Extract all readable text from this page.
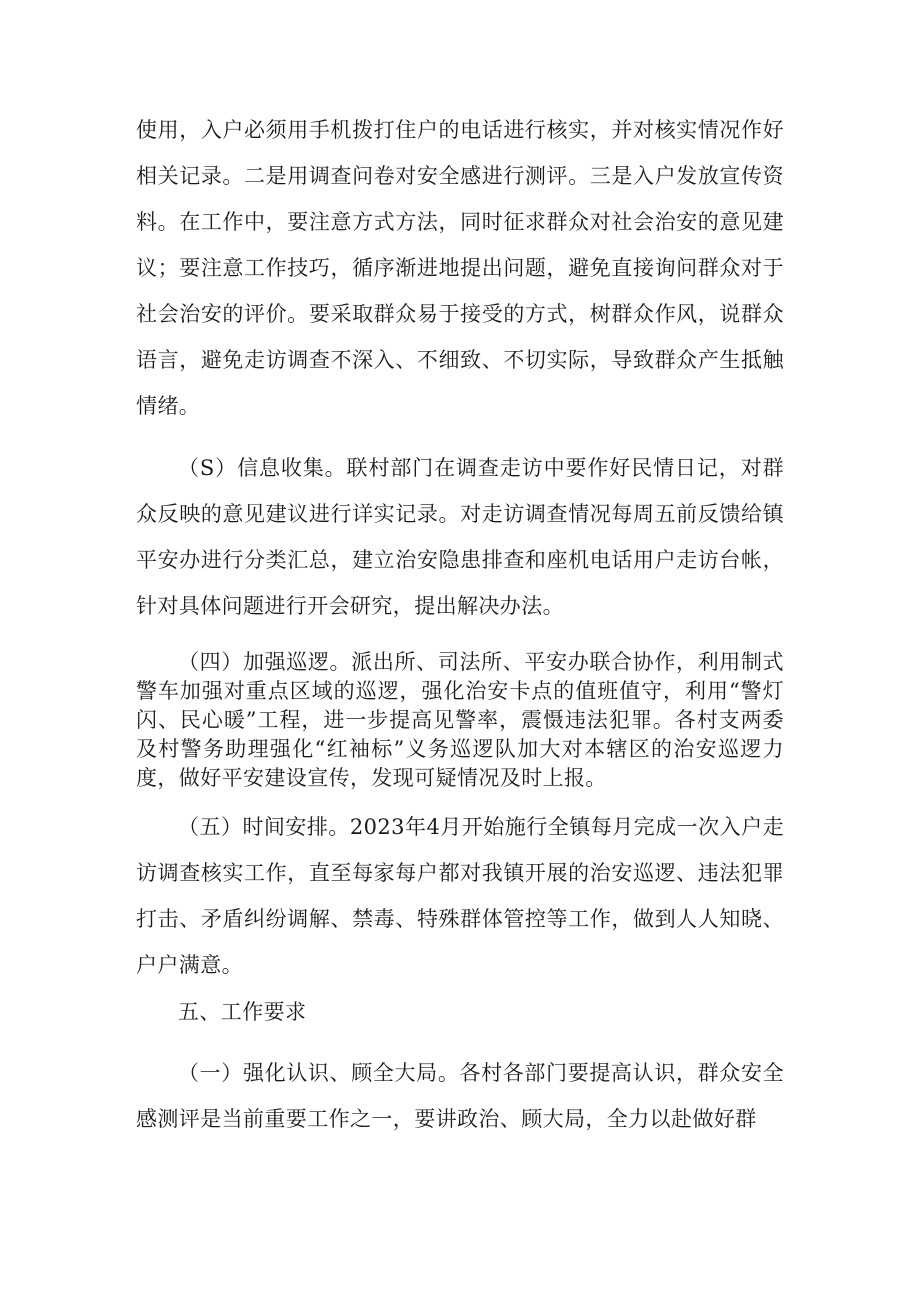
使用，入户必须用手机拨打住户的电话进行核实，并对核实情况作好相关记录。二是用调查问卷对安全感进行测评。三是入户发放宣传资料。在工作中，要注意方式方法，同时征求群众对社会治安的意见建议；要注意工作技巧，循序渐进地提出问题，避免直接询问群众对于社会治安的评价。要采取群众易于接受的方式，树群众作风，说群众语言，避免走访调查不深入、不细致、不切实际，导致群众产生抵触情绪。

（S）信息收集。联村部门在调查走访中要作好民情日记，对群众反映的意见建议进行详实记录。对走访调查情况每周五前反馈给镇平安办进行分类汇总，建立治安隐患排查和座机电话用户走访台帐，针对具体问题进行开会研究，提出解决办法。

（四）加强巡逻。派出所、司法所、平安办联合协作，利用制式警车加强对重点区域的巡逻，强化治安卡点的值班值守，利用“警灯闪、民心暖”工程，进一步提高见警率，震慑违法犯罪。各村支两委及村警务助理强化“红袖标”义务巡逻队加大对本辖区的治安巡逻力度，做好平安建设宣传，发现可疑情况及时上报。

（五）时间安排。2023年4月开始施行全镇每月完成一次入户走访调查核实工作，直至每家每户都对我镇开展的治安巡逻、违法犯罪打击、矛盾纠纷调解、禁毒、特殊群体管控等工作，做到人人知晓、户户满意。

五、工作要求

（一）强化认识、顾全大局。各村各部门要提高认识，群众安全感测评是当前重要工作之一，要讲政治、顾大局，全力以赴做好群
